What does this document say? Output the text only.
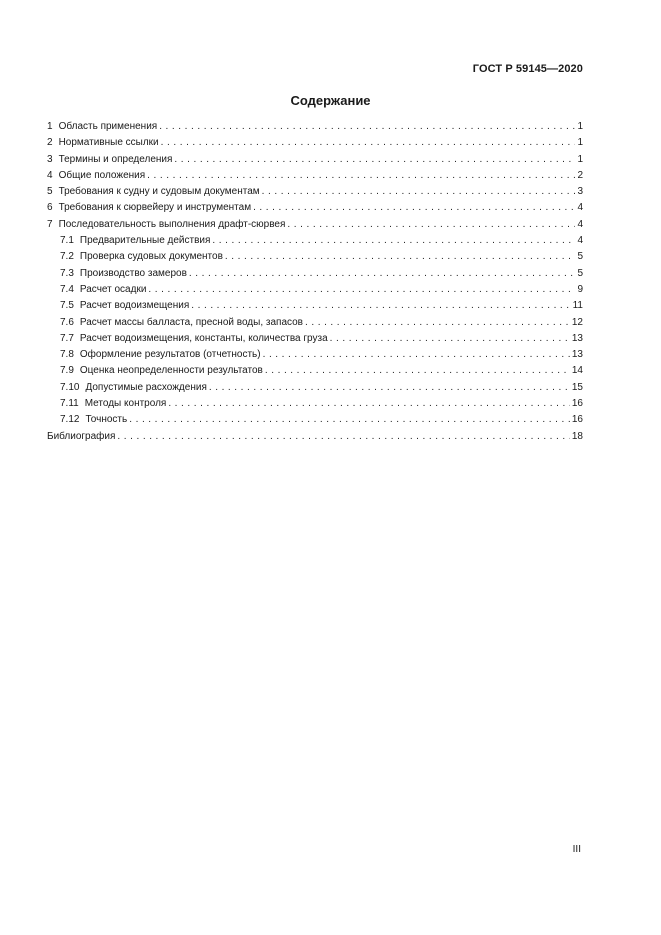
ГОСТ Р 59145—2020
Содержание
1 Область применения . . .	1
2 Нормативные ссылки . . .	1
3 Термины и определения . . .	1
4 Общие положения . . .	2
5 Требования к судну и судовым документам . . .	3
6 Требования к сюрвейеру и инструментам . . .	4
7 Последовательность выполнения драфт-сюрвея . . .	4
7.1 Предварительные действия . . .	4
7.2 Проверка судовых документов . . .	5
7.3 Производство замеров . . .	5
7.4 Расчет осадки . . .	9
7.5 Расчет водоизмещения . . .	11
7.6 Расчет массы балласта, пресной воды, запасов . . .	12
7.7 Расчет водоизмещения, константы, количества груза . . .	13
7.8 Оформление результатов (отчетность) . . .	13
7.9 Оценка неопределенности результатов . . .	14
7.10 Допустимые расхождения . . .	15
7.11 Методы контроля . . .	16
7.12 Точность . . .	16
Библиография . . .	18
III
